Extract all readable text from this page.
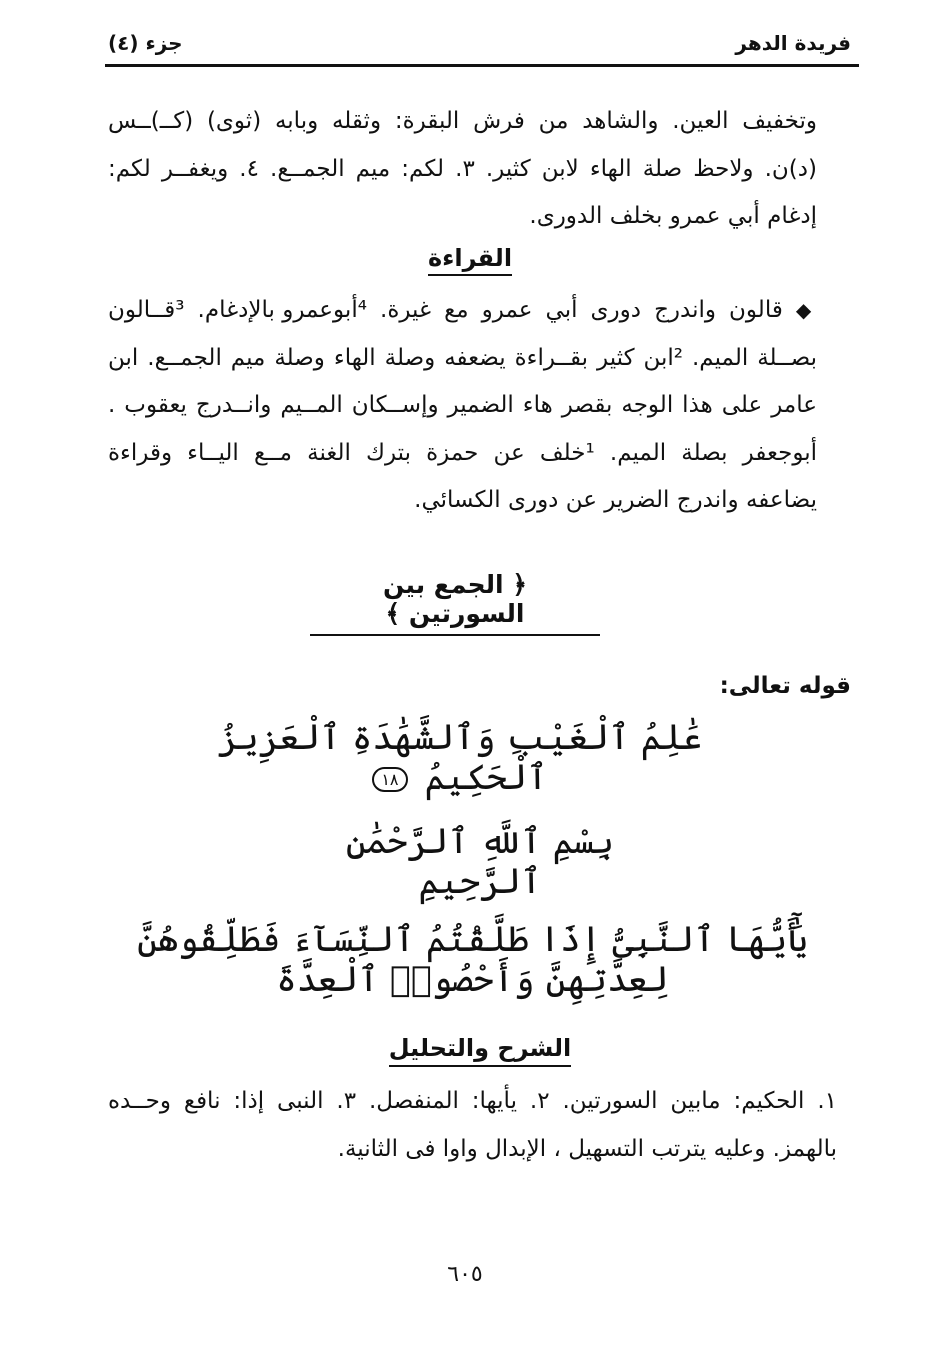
فريدة الدهر
جزء (٤)
وتخفيف العين. والشاهد من فرش البقرة: وثقله وبابه (ثوى) (كــ)ــس (د)ن. ولاحظ صلة الهاء لابن كثير. ٣. لكم: ميم الجمــع. ٤. ويغفــر لكم: إدغام أبي عمرو بخلف الدورى.
القراءة
◆ قالون واندرج دورى أبي عمرو مع غيرة. ⁴أبوعمرو بالإدغام. ³قــالون بصــلة الميم. ²ابن كثير بقــراءة يضعفه وصلة الهاء وصلة ميم الجمــع. ابن عامر على هذا الوجه بقصر هاء الضمير وإســكان المــيم وانــدرج يعقوب . أبوجعفر بصلة الميم. ¹خلف عن حمزة بترك الغنة مــع اليــاء وقراءة يضاعفه واندرج الضرير عن دورى الكسائي.
﴿ الجمع بين السورتين ﴾
قوله تعالى:
عَٰلِمُ ٱلْغَيْبِ وَٱلشَّهَٰدَةِ ٱلْعَزِيزُ ٱلْحَكِيمُ ١٨
بِسْمِ ٱللَّهِ ٱلرَّحْمَٰنِ ٱلرَّحِيمِ
يَٰٓأَيُّهَا ٱلنَّبِىُّ إِذَا طَلَّقْتُمُ ٱلنِّسَآءَ فَطَلِّقُوهُنَّ لِعِدَّتِهِنَّ وَأَحْصُوا۟ ٱلْعِدَّةَ
الشرح والتحليل
١. الحكيم: مابين السورتين. ٢. يأيها: المنفصل. ٣. النبى إذا: نافع وحــده بالهمز. وعليه يترتب التسهيل ، الإبدال واوا فى الثانية.
٦٠٥
